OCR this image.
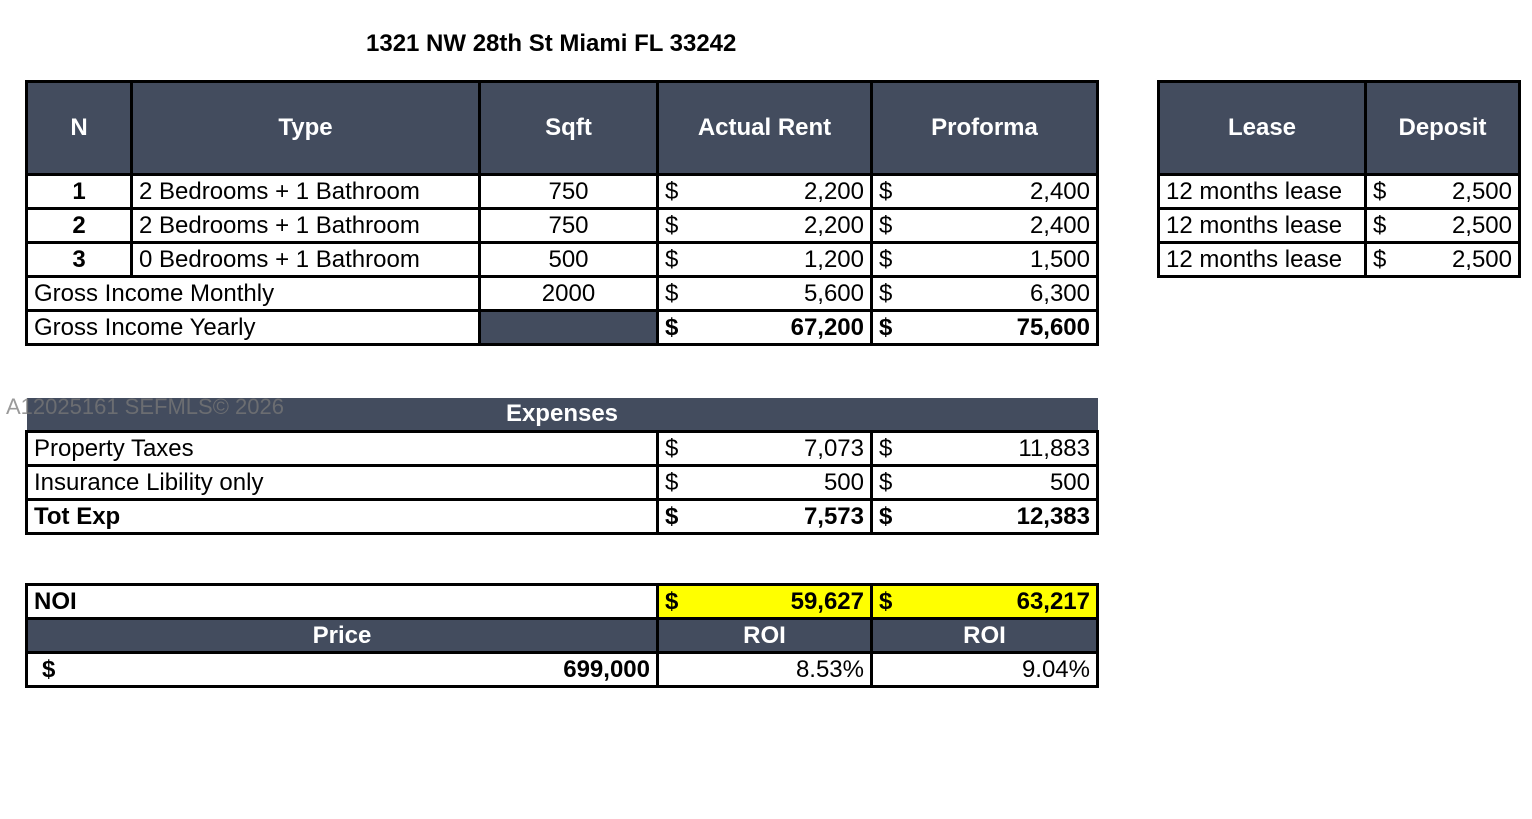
1321 NW 28th St Miami FL 33242
N	Type	Sqft	Actual Rent	Proforma
1	2 Bedrooms + 1 Bathroom	750	$ 2,200	$ 2,400

2	2 Bedrooms + 1 Bathroom	750	$ 2,200	$ 2,400

3	0 Bedrooms + 1 Bathroom	500	$ 1,200	$ 1,500

Gross Income Monthly		2000	$ 5,600	$ 6,300

Gross Income Yearly			$ 67,200	$ 75,600
Lease	Deposit
12 months lease	$ 2,500

12 months lease	$ 2,500

12 months lease	$ 2,500
Expenses		
Property Taxes	$ 7,073	$ 11,883

Insurance Libility only	$ 500	$ 500

Tot Exp	$ 7,573	$ 12,383
A12025161 SEFMLS© 2026
NOI	$ 59,627	$ 63,217

Price	ROI	ROI

$ 699,000	8.53%	9.04%
